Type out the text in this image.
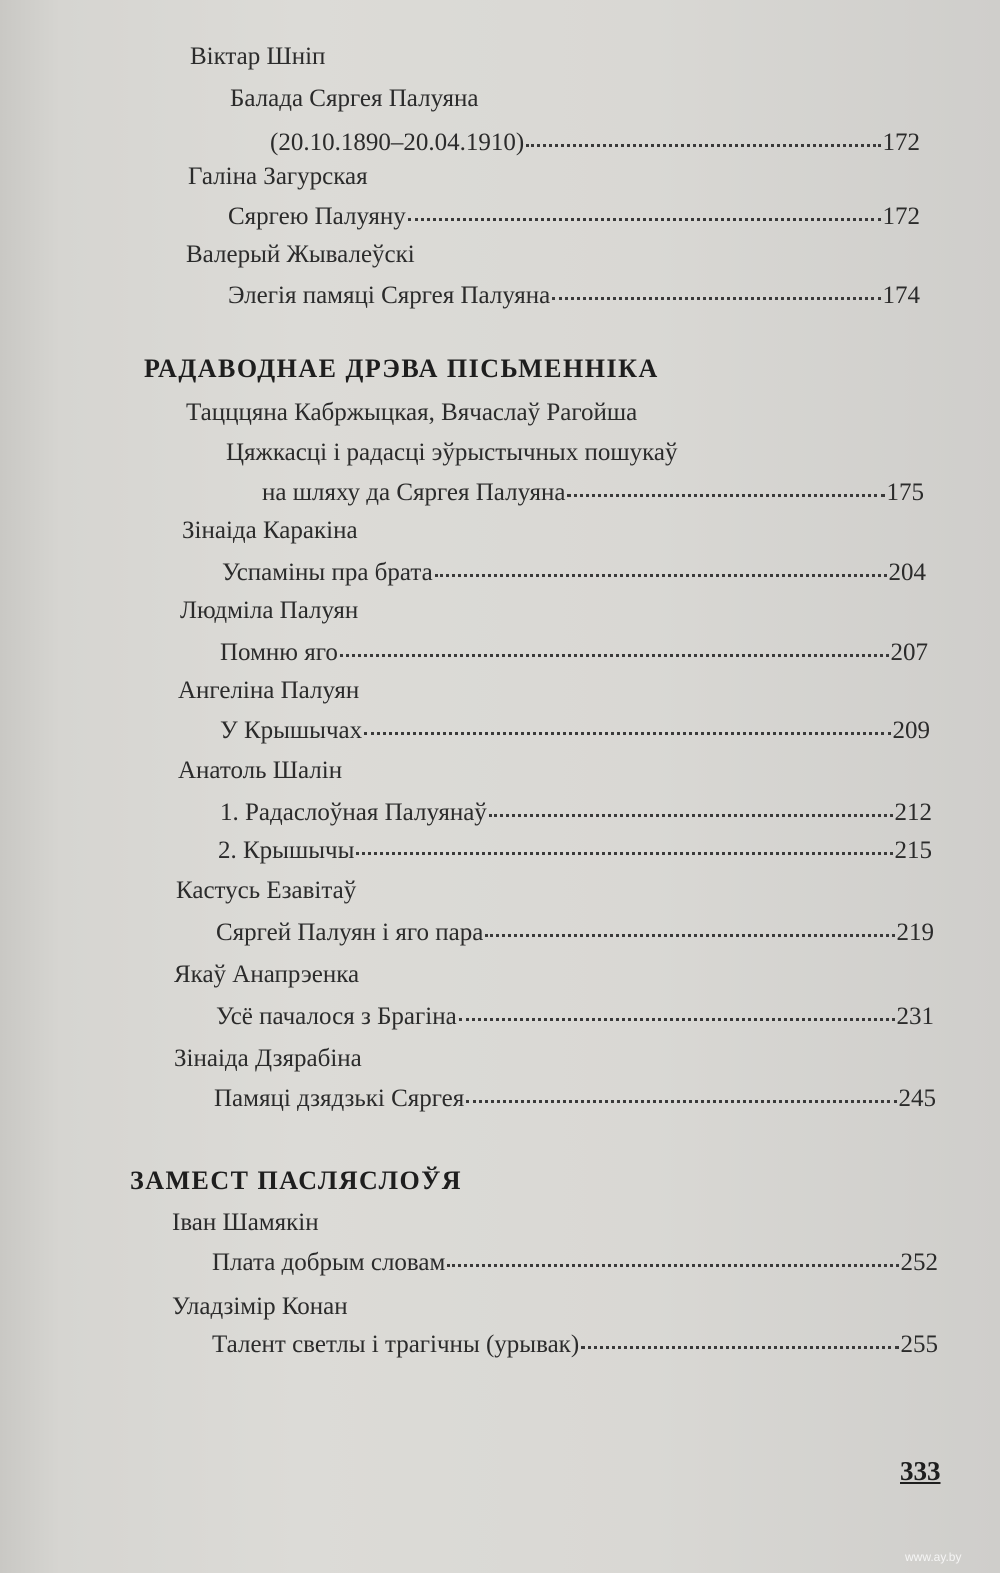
Віктар Шніп
Балада Сяргея Палуяна
(20.10.1890–20.04.1910)	172
Галіна Загурская
Сяргею Палуяну	172
Валерый Жывалеўскі
Элегія памяці Сяргея Палуяна	174
РАДАВОДНАЕ ДРЭВА ПІСЬМЕННІКА
Тацццяна Кабржыцкая, Вячаслаў Рагойша
Цяжкасці і радасці эўрыстычных пошукаў
на шляху да Сяргея Палуяна	175
Зінаіда Каракіна
Успаміны пра брата	204
Людміла Палуян
Помню яго	207
Ангеліна Палуян
У Крышычах	209
Анатоль Шалін
1. Радаслоўная Палуянаў	212
2. Крышычы	215
Кастусь Езавітаў
Сяргей Палуян і яго пара	219
Якаў Анапрэенка
Усё пачалося з Брагіна	231
Зінаіда Дзярабіна
Памяці дзядзькі Сяргея	245
ЗАМЕСТ ПАСЛЯСЛОЎЯ
Іван Шамякін
Плата добрым словам	252
Уладзімір Конан
Талент светлы і трагічны (урывак)	255
333
www.ay.by
